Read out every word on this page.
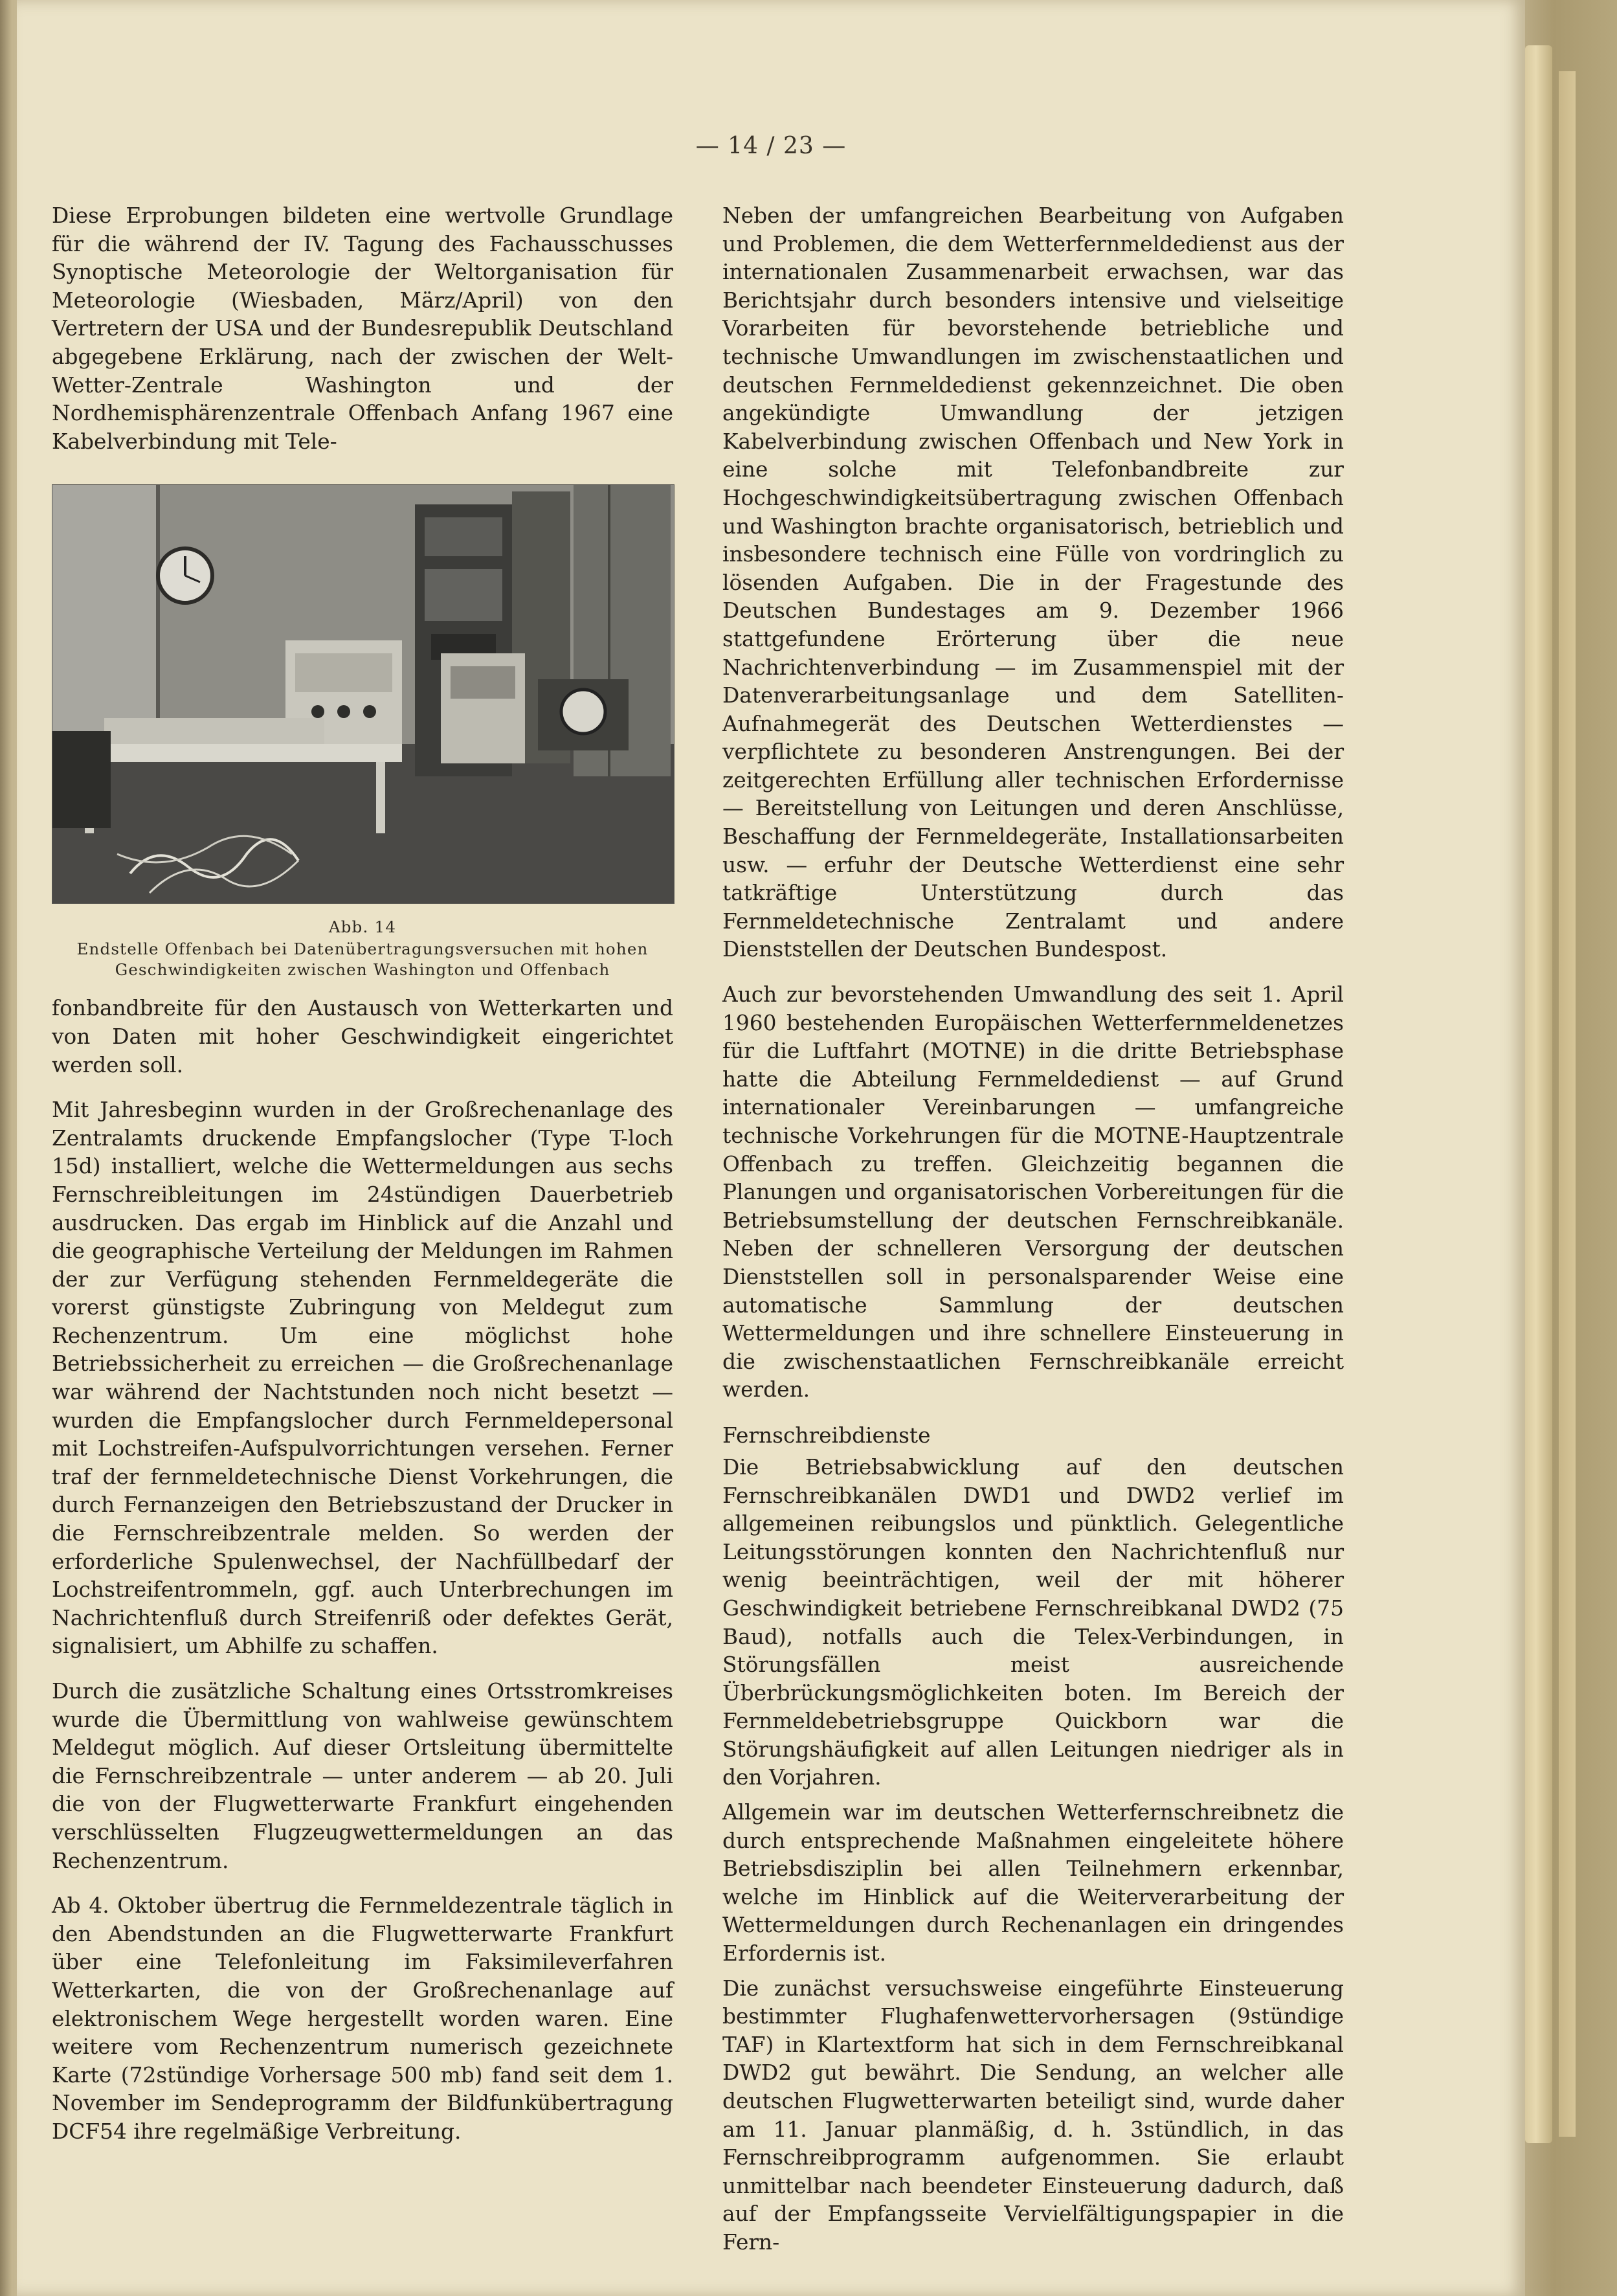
— 14 / 23 —

Diese Erprobungen bildeten eine wertvolle Grundlage für die während der IV. Tagung des Fachausschusses Synoptische Meteorologie der Weltorganisation für Meteorologie (Wiesbaden, März/April) von den Vertretern der USA und der Bundesrepublik Deutschland abgegebene Erklärung, nach der zwischen der Welt-Wetter-Zentrale Washington und der Nordhemisphärenzentrale Offenbach Anfang 1967 eine Kabelverbindung mit Tele-

Abb. 14
Endstelle Offenbach bei Datenübertragungsversuchen mit hohen Geschwindigkeiten zwischen Washington und Offenbach

fonbandbreite für den Austausch von Wetterkarten und von Daten mit hoher Geschwindigkeit eingerichtet werden soll.

Mit Jahresbeginn wurden in der Großrechenanlage des Zentralamts druckende Empfangslocher (Type T-loch 15d) installiert, welche die Wettermeldungen aus sechs Fernschreibleitungen im 24stündigen Dauerbetrieb ausdrucken. Das ergab im Hinblick auf die Anzahl und die geographische Verteilung der Meldungen im Rahmen der zur Verfügung stehenden Fernmeldegeräte die vorerst günstigste Zubringung von Meldegut zum Rechenzentrum. Um eine möglichst hohe Betriebssicherheit zu erreichen — die Großrechenanlage war während der Nachtstunden noch nicht besetzt — wurden die Empfangslocher durch Fernmeldepersonal mit Lochstreifen-Aufspulvorrichtungen versehen. Ferner traf der fernmeldetechnische Dienst Vorkehrungen, die durch Fernanzeigen den Betriebszustand der Drucker in die Fernschreibzentrale melden. So werden der erforderliche Spulenwechsel, der Nachfüllbedarf der Lochstreifentrommeln, ggf. auch Unterbrechungen im Nachrichtenfluß durch Streifenriß oder defektes Gerät, signalisiert, um Abhilfe zu schaffen.

Durch die zusätzliche Schaltung eines Ortsstromkreises wurde die Übermittlung von wahlweise gewünschtem Meldegut möglich. Auf dieser Ortsleitung übermittelte die Fernschreibzentrale — unter anderem — ab 20. Juli die von der Flugwetterwarte Frankfurt eingehenden verschlüsselten Flugzeugwettermeldungen an das Rechenzentrum.

Ab 4. Oktober übertrug die Fernmeldezentrale täglich in den Abendstunden an die Flugwetterwarte Frankfurt über eine Telefonleitung im Faksimileverfahren Wetterkarten, die von der Großrechenanlage auf elektronischem Wege hergestellt worden waren. Eine weitere vom Rechenzentrum numerisch gezeichnete Karte (72stündige Vorhersage 500 mb) fand seit dem 1. November im Sendeprogramm der Bildfunkübertragung DCF54 ihre regelmäßige Verbreitung.

Neben der umfangreichen Bearbeitung von Aufgaben und Problemen, die dem Wetterfernmeldedienst aus der internationalen Zusammenarbeit erwachsen, war das Berichtsjahr durch besonders intensive und vielseitige Vorarbeiten für bevorstehende betriebliche und technische Umwandlungen im zwischenstaatlichen und deutschen Fernmeldedienst gekennzeichnet. Die oben angekündigte Umwandlung der jetzigen Kabelverbindung zwischen Offenbach und New York in eine solche mit Telefonbandbreite zur Hochgeschwindigkeitsübertragung zwischen Offenbach und Washington brachte organisatorisch, betrieblich und insbesondere technisch eine Fülle von vordringlich zu lösenden Aufgaben. Die in der Fragestunde des Deutschen Bundestages am 9. Dezember 1966 stattgefundene Erörterung über die neue Nachrichtenverbindung — im Zusammenspiel mit der Datenverarbeitungsanlage und dem Satelliten-Aufnahmegerät des Deutschen Wetterdienstes — verpflichtete zu besonderen Anstrengungen. Bei der zeitgerechten Erfüllung aller technischen Erfordernisse — Bereitstellung von Leitungen und deren Anschlüsse, Beschaffung der Fernmeldegeräte, Installationsarbeiten usw. — erfuhr der Deutsche Wetterdienst eine sehr tatkräftige Unterstützung durch das Fernmeldetechnische Zentralamt und andere Dienststellen der Deutschen Bundespost.

Auch zur bevorstehenden Umwandlung des seit 1. April 1960 bestehenden Europäischen Wetterfernmeldenetzes für die Luftfahrt (MOTNE) in die dritte Betriebsphase hatte die Abteilung Fernmeldedienst — auf Grund internationaler Vereinbarungen — umfangreiche technische Vorkehrungen für die MOTNE-Hauptzentrale Offenbach zu treffen. Gleichzeitig begannen die Planungen und organisatorischen Vorbereitungen für die Betriebsumstellung der deutschen Fernschreibkanäle. Neben der schnelleren Versorgung der deutschen Dienststellen soll in personalsparender Weise eine automatische Sammlung der deutschen Wettermeldungen und ihre schnellere Einsteuerung in die zwischenstaatlichen Fernschreibkanäle erreicht werden.

Fernschreibdienste

Die Betriebsabwicklung auf den deutschen Fernschreibkanälen DWD1 und DWD2 verlief im allgemeinen reibungslos und pünktlich. Gelegentliche Leitungsstörungen konnten den Nachrichtenfluß nur wenig beeinträchtigen, weil der mit höherer Geschwindigkeit betriebene Fernschreibkanal DWD2 (75 Baud), notfalls auch die Telex-Verbindungen, in Störungsfällen meist ausreichende Überbrückungsmöglichkeiten boten. Im Bereich der Fernmeldebetriebsgruppe Quickborn war die Störungshäufigkeit auf allen Leitungen niedriger als in den Vorjahren.

Allgemein war im deutschen Wetterfernschreibnetz die durch entsprechende Maßnahmen eingeleitete höhere Betriebsdisziplin bei allen Teilnehmern erkennbar, welche im Hinblick auf die Weiterverarbeitung der Wettermeldungen durch Rechenanlagen ein dringendes Erfordernis ist.

Die zunächst versuchsweise eingeführte Einsteuerung bestimmter Flughafenwettervorhersagen (9stündige TAF) in Klartextform hat sich in dem Fernschreibkanal DWD2 gut bewährt. Die Sendung, an welcher alle deutschen Flugwetterwarten beteiligt sind, wurde daher am 11. Januar planmäßig, d. h. 3stündlich, in das Fernschreibprogramm aufgenommen. Sie erlaubt unmittelbar nach beendeter Einsteuerung dadurch, daß auf der Empfangsseite Vervielfältigungspapier in die Fern-
